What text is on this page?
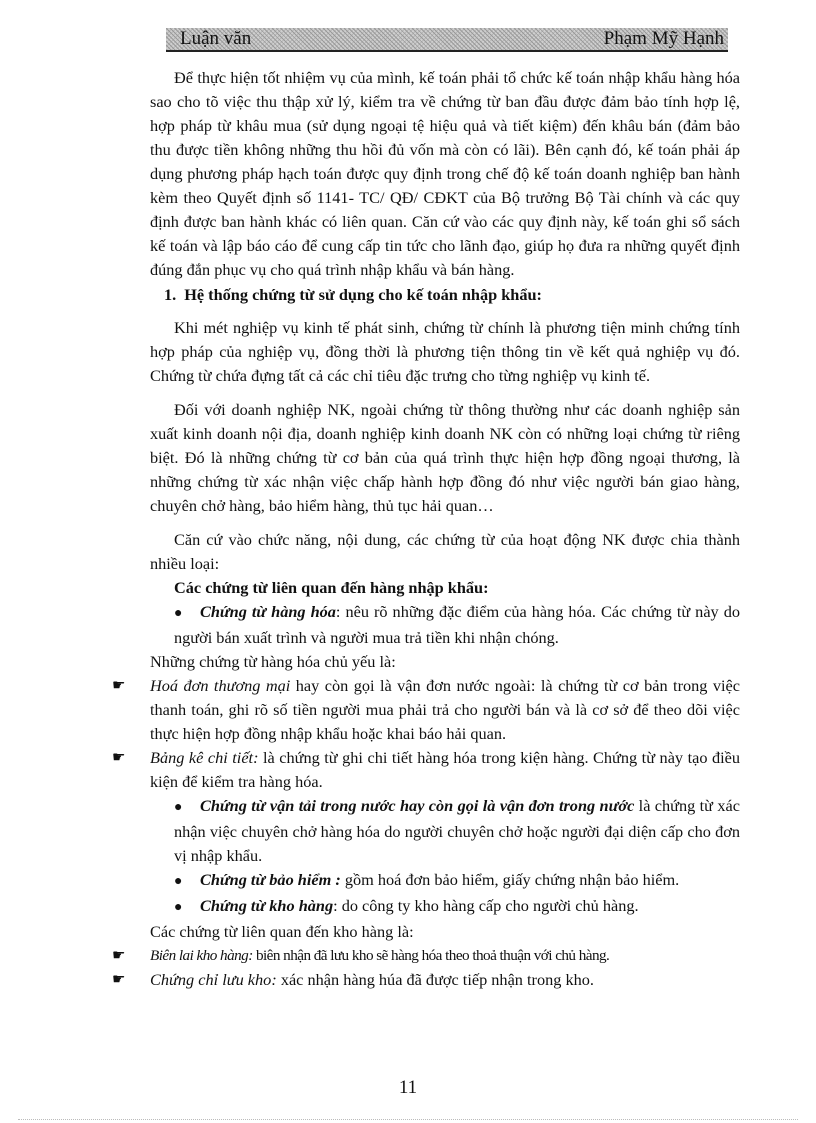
Luận văn	Phạm Mỹ Hạnh

Để thực hiện tốt nhiệm vụ của mình, kế toán phải tổ chức kế toán nhập khẩu hàng hóa sao cho tõ việc thu thập xử lý, kiểm tra về chứng từ ban đầu được đảm bảo tính hợp lệ, hợp pháp từ khâu mua (sử dụng ngoại tệ hiệu quả và tiết kiệm) đến khâu bán (đảm bảo thu được tiền không những thu hồi đủ vốn mà còn có lãi). Bên cạnh đó, kế toán phải áp dụng phương pháp hạch toán được quy định trong chế độ kế toán doanh nghiệp ban hành kèm theo Quyết định số 1141- TC/ QĐ/ CĐKT của Bộ trưởng Bộ Tài chính và các quy định được ban hành khác có liên quan. Căn cứ vào các quy định này, kế toán ghi sổ sách kế toán và lập báo cáo để cung cấp tin tức cho lãnh đạo, giúp họ đưa ra những quyết định đúng đắn phục vụ cho quá trình nhập khẩu và bán hàng.

1. Hệ thống chứng từ sử dụng cho kế toán nhập khẩu:

Khi mét nghiệp vụ kinh tế phát sinh, chứng từ chính là phương tiện minh chứng tính hợp pháp của nghiệp vụ, đồng thời là phương tiện thông tin về kết quả nghiệp vụ đó. Chứng từ chứa đựng tất cả các chỉ tiêu đặc trưng cho từng nghiệp vụ kinh tế.

Đối với doanh nghiệp NK, ngoài chứng từ thông thường như các doanh nghiệp sản xuất kinh doanh nội địa, doanh nghiệp kinh doanh NK còn có những loại chứng từ riêng biệt. Đó là những chứng từ cơ bản của quá trình thực hiện hợp đồng ngoại thương, là những chứng từ xác nhận việc chấp hành hợp đồng đó như việc người bán giao hàng, chuyên chở hàng, bảo hiểm hàng, thủ tục hải quan…

Căn cứ vào chức năng, nội dung, các chứng từ của hoạt động NK được chia thành nhiều loại:

Các chứng từ liên quan đến hàng nhập khẩu:

● Chứng từ hàng hóa: nêu rõ những đặc điểm của hàng hóa. Các chứng từ này do người bán xuất trình và người mua trả tiền khi nhận chóng.

Những chứng từ hàng hóa chủ yếu là:

☛ Hoá đơn thương mại hay còn gọi là vận đơn nước ngoài: là chứng từ cơ bản trong việc thanh toán, ghi rõ số tiền người mua phải trả cho người bán và là cơ sở để theo dõi việc thực hiện hợp đồng nhập khẩu hoặc khai báo hải quan.

☛ Bảng kê chi tiết: là chứng từ ghi chi tiết hàng hóa trong kiện hàng. Chứng từ này tạo điều kiện để kiểm tra hàng hóa.

● Chứng từ vận tải trong nước hay còn gọi là vận đơn trong nước là chứng từ xác nhận việc chuyên chở hàng hóa do người chuyên chở hoặc người đại diện cấp cho đơn vị nhập khẩu.

● Chứng từ bảo hiểm : gồm hoá đơn bảo hiểm, giấy chứng nhận bảo hiểm.

● Chứng từ kho hàng: do công ty kho hàng cấp cho người chủ hàng.

Các chứng từ liên quan đến kho hàng là:

☛ Biên lai kho hàng: biên nhận đã lưu kho sẽ hàng hóa theo thoả thuận với chủ hàng.

☛ Chứng chỉ lưu kho: xác nhận hàng húa đã được tiếp nhận trong kho.

11
